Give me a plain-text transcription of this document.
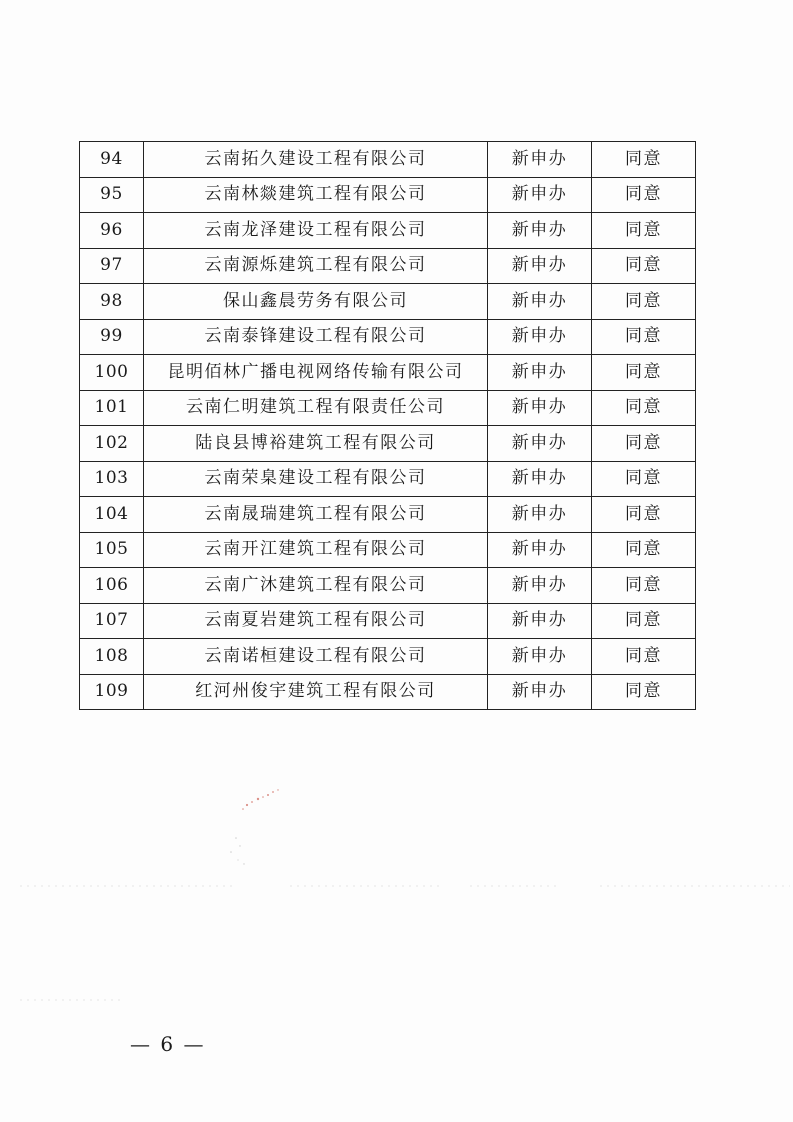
94	云南拓久建设工程有限公司	新申办	同意
95	云南林燚建筑工程有限公司	新申办	同意
96	云南龙泽建设工程有限公司	新申办	同意
97	云南源烁建筑工程有限公司	新申办	同意
98	保山鑫晨劳务有限公司	新申办	同意
99	云南泰锋建设工程有限公司	新申办	同意
100	昆明佰林广播电视网络传输有限公司	新申办	同意
101	云南仁明建筑工程有限责任公司	新申办	同意
102	陆良县博裕建筑工程有限公司	新申办	同意
103	云南荣臬建设工程有限公司	新申办	同意
104	云南晟瑞建筑工程有限公司	新申办	同意
105	云南开江建筑工程有限公司	新申办	同意
106	云南广沐建筑工程有限公司	新申办	同意
107	云南夏岩建筑工程有限公司	新申办	同意
108	云南诺桓建设工程有限公司	新申办	同意
109	红河州俊宇建筑工程有限公司	新申办	同意
— 6 —
